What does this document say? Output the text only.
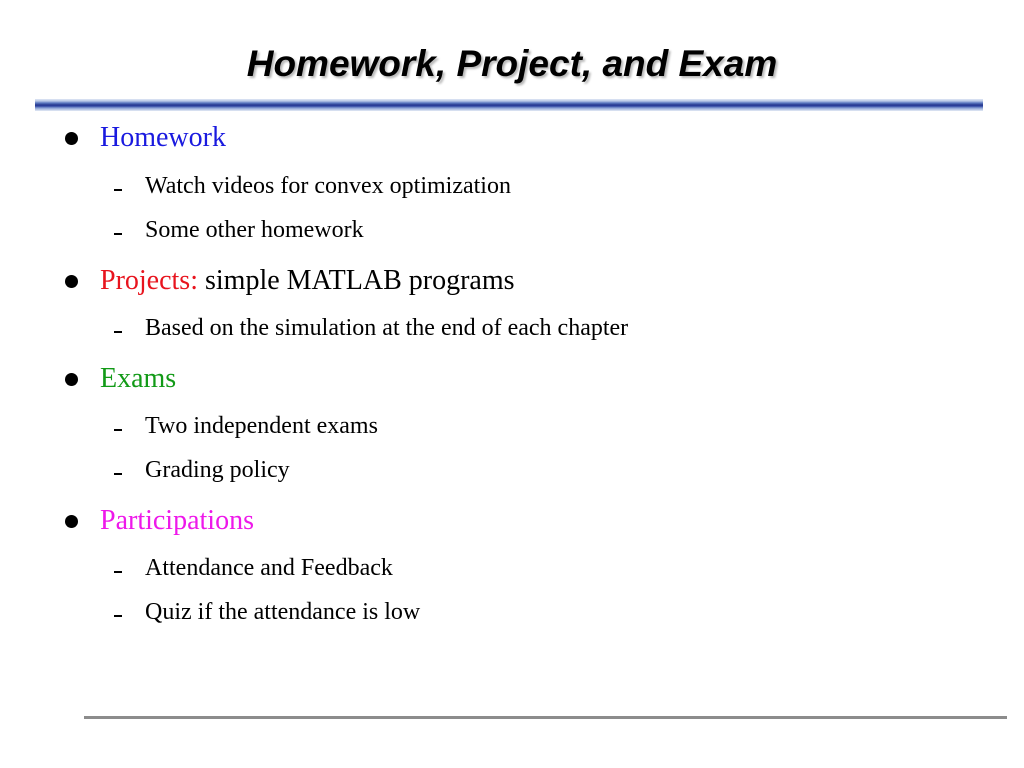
Homework, Project, and Exam
Homework
Watch videos for convex optimization
Some other homework
Projects: simple MATLAB programs
Based on the simulation at the end of each chapter
Exams
Two independent exams
Grading policy
Participations
Attendance and Feedback
Quiz if the attendance is low
